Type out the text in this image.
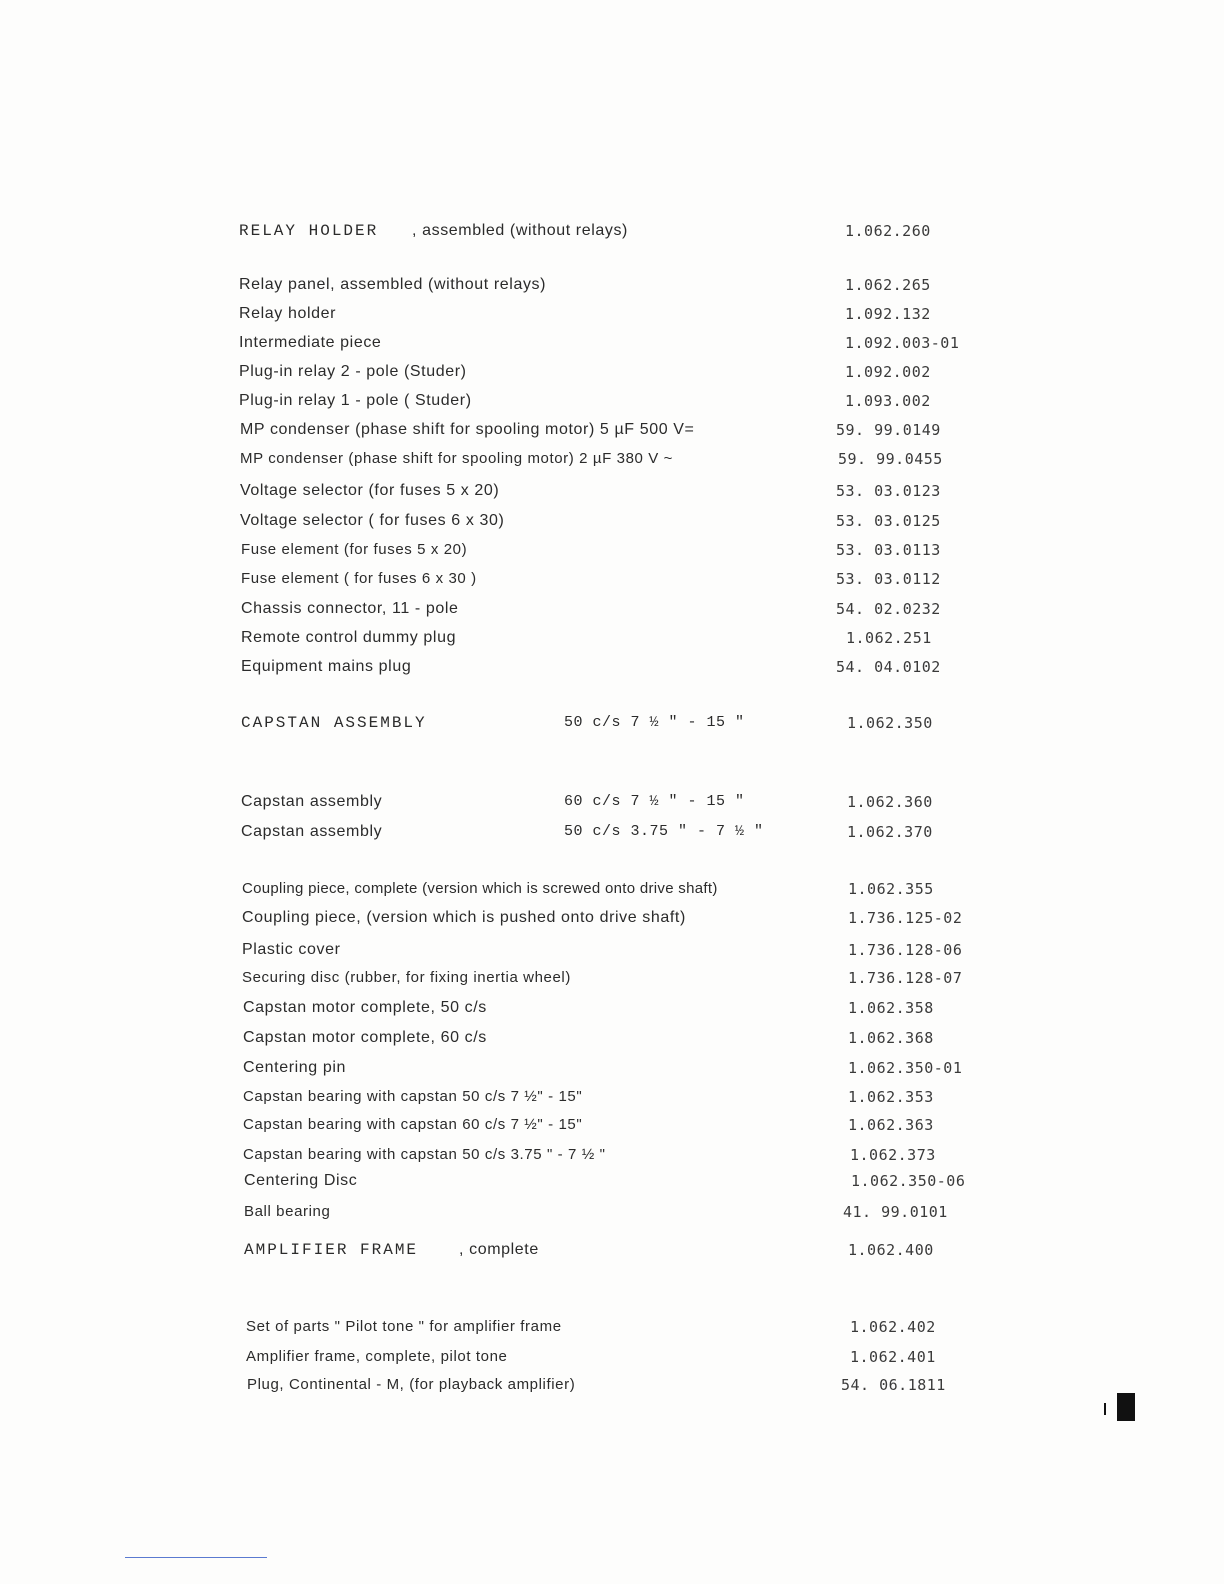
RELAY HOLDER , assembled (without relays)	1.062.260
Relay panel, assembled (without relays)	1.062.265
Relay holder	1.092.132
Intermediate piece	1.092.003-01
Plug-in relay 2 - pole (Studer)	1.092.002
Plug-in relay 1 - pole ( Studer)	1.093.002
MP condenser (phase shift for spooling motor) 5 µF 500 V=	59. 99.0149
MP condenser (phase shift for spooling motor) 2 µF 380 V ~	59. 99.0455
Voltage selector (for fuses 5 x 20)	53. 03.0123
Voltage selector ( for fuses 6 x 30)	53. 03.0125
Fuse element (for fuses 5 x 20)	53. 03.0113
Fuse element ( for fuses 6 x 30 )	53. 03.0112
Chassis connector, 11 - pole	54. 02.0232
Remote control dummy plug	1.062.251
Equipment mains plug	54. 04.0102
CAPSTAN ASSEMBLY	50 c/s 7 ½ " - 15 "	1.062.350
Capstan assembly	60 c/s 7 ½ " - 15 "	1.062.360
Capstan assembly	50 c/s 3.75 " - 7 ½ "	1.062.370
Coupling piece, complete (version which is screwed onto drive shaft)	1.062.355
Coupling piece, (version which is pushed onto drive shaft)	1.736.125-02
Plastic cover	1.736.128-06
Securing disc (rubber, for fixing inertia wheel)	1.736.128-07
Capstan motor complete, 50 c/s	1.062.358
Capstan motor complete, 60 c/s	1.062.368
Centering pin	1.062.350-01
Capstan bearing with capstan 50 c/s 7 ½" - 15"	1.062.353
Capstan bearing with capstan 60 c/s 7 ½" - 15"	1.062.363
Capstan bearing with capstan 50 c/s 3.75 " - 7 ½ "	1.062.373
Centering Disc	1.062.350-06
Ball bearing	41. 99.0101
AMPLIFIER FRAME	, complete	1.062.400
Set of parts " Pilot tone " for amplifier frame	1.062.402
Amplifier frame, complete, pilot tone	1.062.401
Plug, Continental - M, (for playback amplifier)	54. 06.1811
